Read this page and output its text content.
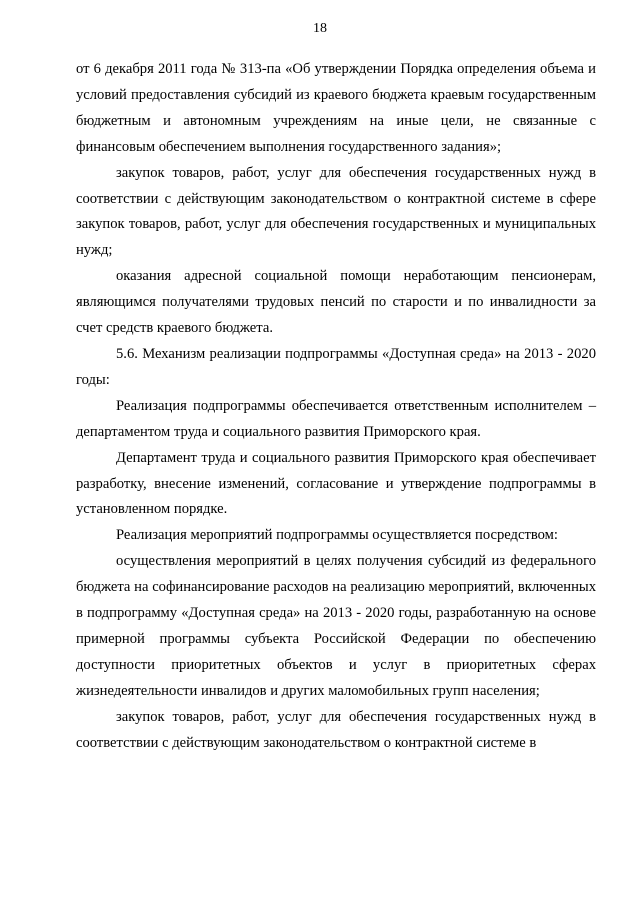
18

от 6 декабря 2011 года № 313-па «Об утверждении Порядка определения объема и условий предоставления субсидий из краевого бюджета краевым государственным бюджетным и автономным учреждениям на иные цели, не связанные с финансовым обеспечением выполнения государственного задания»;

закупок товаров, работ, услуг для обеспечения государственных нужд в соответствии с действующим законодательством о контрактной системе в сфере закупок товаров, работ, услуг для обеспечения государственных и муниципальных нужд;

оказания адресной социальной помощи неработающим пенсионерам, являющимся получателями трудовых пенсий по старости и по инвалидности за счет средств краевого бюджета.

5.6. Механизм реализации подпрограммы «Доступная среда» на 2013 - 2020 годы:

Реализация подпрограммы обеспечивается ответственным исполнителем – департаментом труда и социального развития Приморского края.

Департамент труда и социального развития Приморского края обеспечивает разработку, внесение изменений, согласование и утверждение подпрограммы в установленном порядке.

Реализация мероприятий подпрограммы осуществляется посредством:

осуществления мероприятий в целях получения субсидий из федерального бюджета на софинансирование расходов на реализацию мероприятий, включенных в подпрограмму «Доступная среда» на 2013 - 2020 годы, разработанную на основе примерной программы субъекта Российской Федерации по обеспечению доступности приоритетных объектов и услуг в приоритетных сферах жизнедеятельности инвалидов и других маломобильных групп населения;

закупок товаров, работ, услуг для обеспечения государственных нужд в соответствии с действующим законодательством о контрактной системе в
